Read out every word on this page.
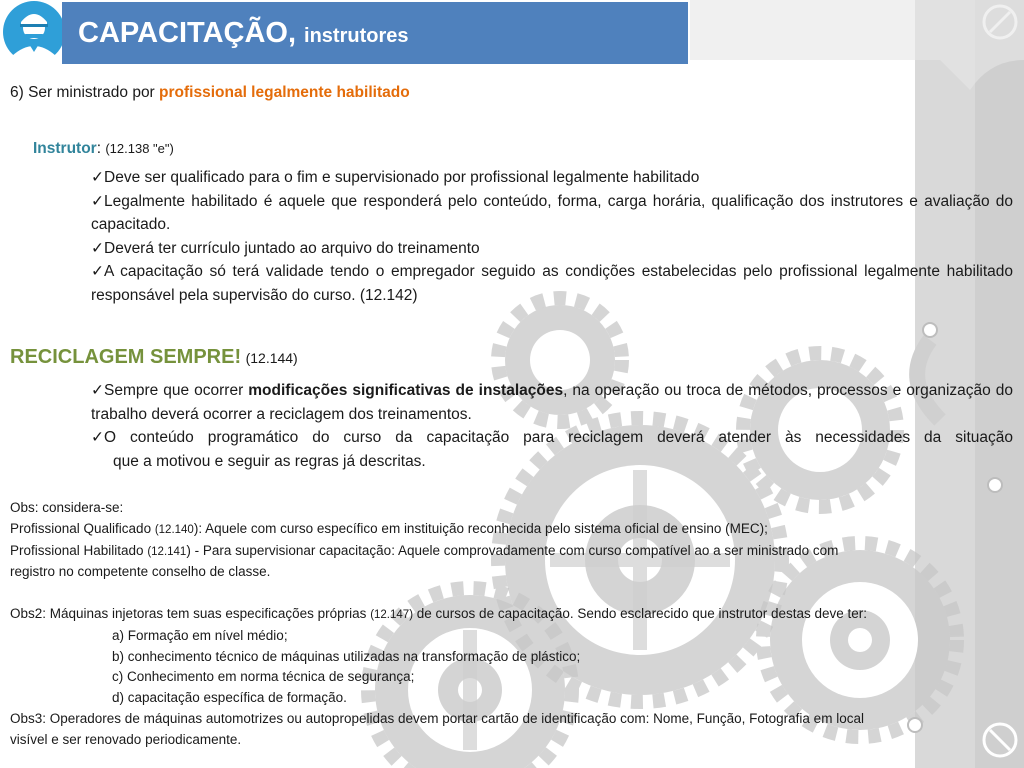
CAPACITAÇÃO, instrutores
6) Ser ministrado por profissional legalmente habilitado
Instrutor: (12.138 "e")

✓Deve ser qualificado para o fim e supervisionado por profissional legalmente habilitado

✓Legalmente habilitado é aquele que responderá pelo conteúdo, forma, carga horária, qualificação dos instrutores e avaliação do capacitado.

✓Deverá ter currículo juntado ao arquivo do treinamento

✓A capacitação só terá validade tendo o empregador seguido as condições estabelecidas pelo profissional legalmente habilitado responsável pela supervisão do curso. (12.142)

RECICLAGEM SEMPRE! (12.144)

✓Sempre que ocorrer modificações significativas de instalações, na operação ou troca de métodos, processos e organização do trabalho deverá ocorrer a reciclagem dos treinamentos.

✓O conteúdo programático do curso da capacitação para reciclagem deverá atender às necessidades da situação

que a motivou e seguir as regras já descritas.

Obs: considera-se:

Profissional Qualificado (12.140): Aquele com curso específico em instituição reconhecida pelo sistema oficial de ensino (MEC);

Profissional Habilitado (12.141) - Para supervisionar capacitação: Aquele comprovadamente com curso compatível ao a ser ministrado com

registro no competente conselho de classe.

Obs2: Máquinas injetoras tem suas especificações próprias (12.147) de cursos de capacitação. Sendo esclarecido que instrutor destas deve ter:

a) Formação em nível médio;

b) conhecimento técnico de máquinas utilizadas na transformação de plástico;

c) Conhecimento em norma técnica de segurança;

d) capacitação específica de formação.

Obs3: Operadores de máquinas automotrizes ou autopropelidas devem portar cartão de identificação com: Nome, Função, Fotografia em local

visível e ser renovado periodicamente.
